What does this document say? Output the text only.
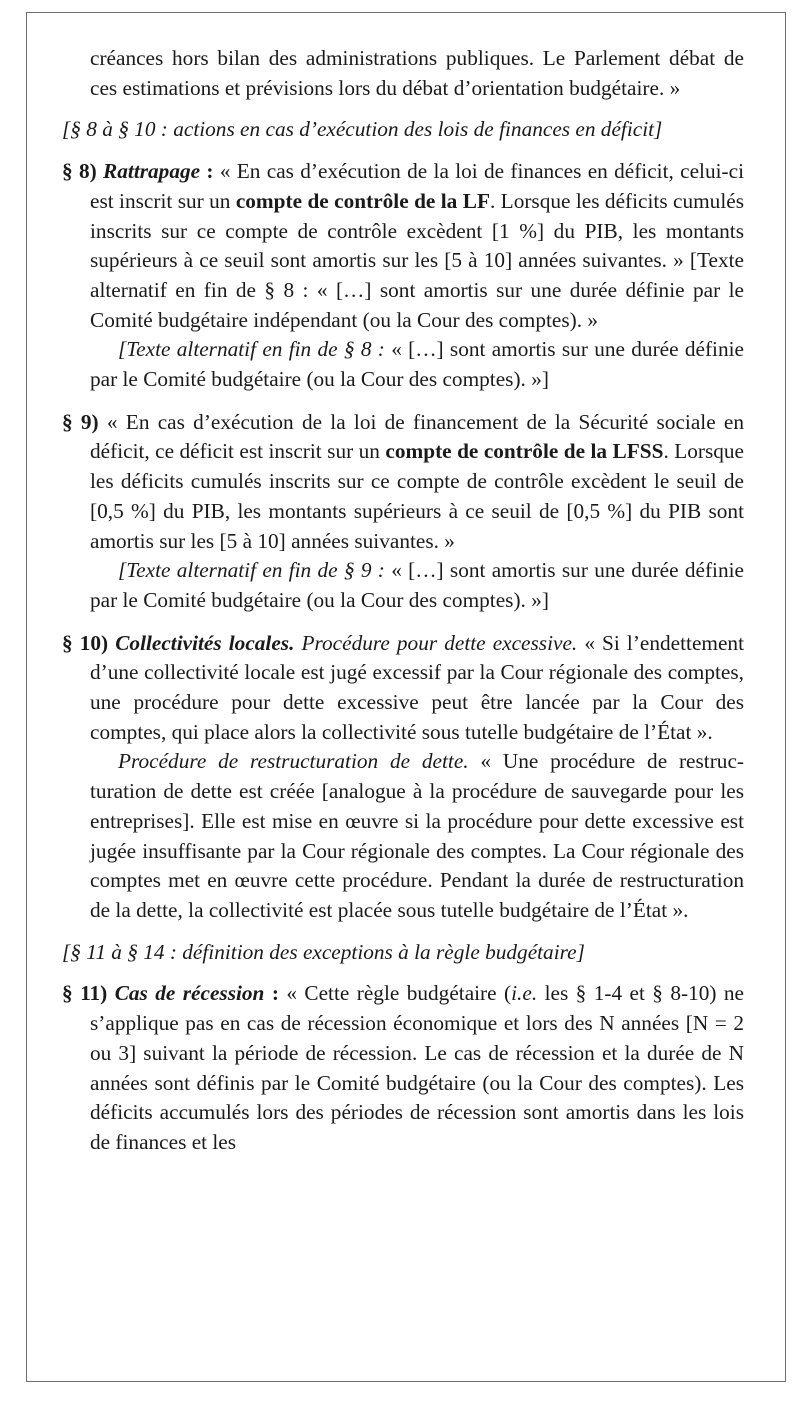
créances hors bilan des administrations publiques. Le Parlement débat de ces estimations et prévisions lors du débat d’orientation budgétaire. »

[§ 8 à § 10 : actions en cas d’exécution des lois de finances en déficit]

§ 8) Rattrapage : « En cas d’exécution de la loi de finances en déficit, celui-ci est inscrit sur un compte de contrôle de la LF. Lorsque les déficits cumulés inscrits sur ce compte de contrôle excèdent [1 %] du PIB, les montants supérieurs à ce seuil sont amortis sur les [5 à 10] années suivantes. » [Texte alternatif en fin de § 8 : « […] sont amortis sur une durée définie par le Comité budgétaire indépendant (ou la Cour des comptes). »

[Texte alternatif en fin de § 8 : « […] sont amortis sur une durée définie par le Comité budgétaire (ou la Cour des comptes). »]

§ 9) « En cas d’exécution de la loi de financement de la Sécurité sociale en déficit, ce déficit est inscrit sur un compte de contrôle de la LFSS. Lorsque les déficits cumulés inscrits sur ce compte de contrôle excèdent le seuil de [0,5 %] du PIB, les montants supérieurs à ce seuil de [0,5 %] du PIB sont amortis sur les [5 à 10] années suivantes. »

[Texte alternatif en fin de § 9 : « […] sont amortis sur une durée définie par le Comité budgétaire (ou la Cour des comptes). »]

§ 10) Collectivités locales. Procédure pour dette excessive. « Si l’endettement d’une collectivité locale est jugé excessif par la Cour régionale des comptes, une procédure pour dette excessive peut être lancée par la Cour des comptes, qui place alors la collectivité sous tutelle budgétaire de l’État ».

Procédure de restructuration de dette. « Une procédure de restructuration de dette est créée [analogue à la procédure de sauvegarde pour les entreprises]. Elle est mise en œuvre si la procédure pour dette excessive est jugée insuffisante par la Cour régionale des comptes. La Cour régionale des comptes met en œuvre cette procédure. Pendant la durée de restructuration de la dette, la collectivité est placée sous tutelle budgétaire de l’État ».

[§ 11 à § 14 : définition des exceptions à la règle budgétaire]

§ 11) Cas de récession : « Cette règle budgétaire (i.e. les § 1-4 et § 8-10) ne s’applique pas en cas de récession économique et lors des N années [N = 2 ou 3] suivant la période de récession. Le cas de récession et la durée de N années sont définis par le Comité budgétaire (ou la Cour des comptes). Les déficits accumulés lors des périodes de récession sont amortis dans les lois de finances et les
